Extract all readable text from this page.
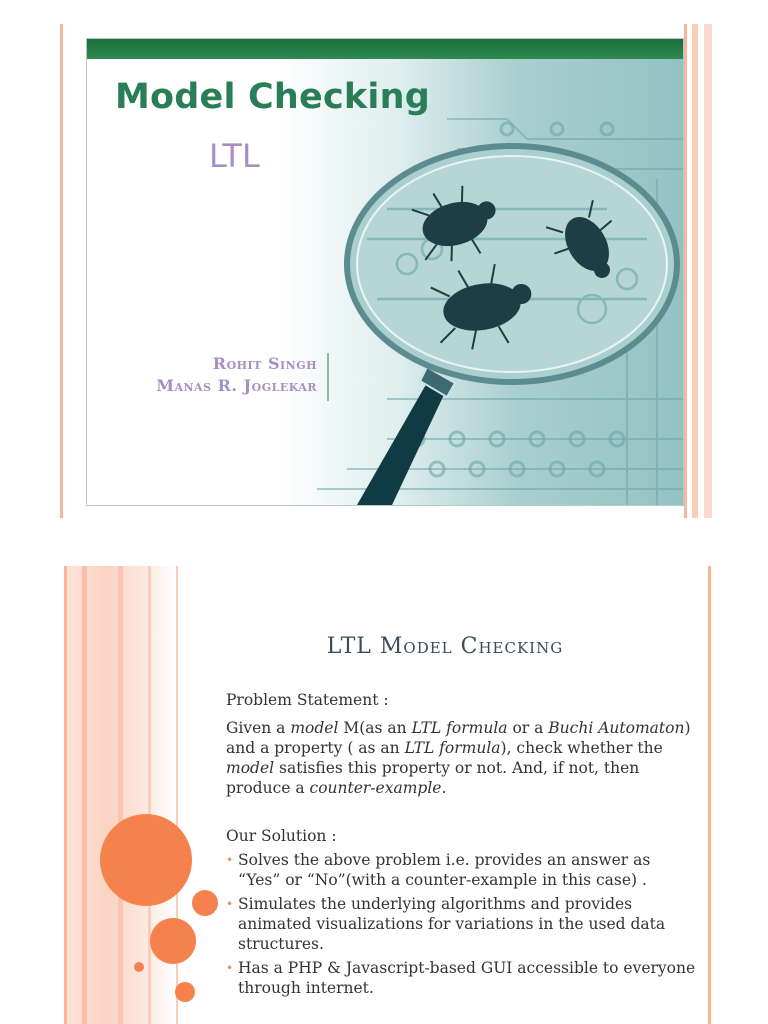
Model Checking
LTL
Rohit Singh
Manas R. Joglekar
LTL Model Checking

Problem Statement :

Given a model M(as an LTL formula or a Buchi Automaton) and a property ( as an LTL formula), check whether the model satisfies this property or not. And, if not, then produce a counter-example.

Our Solution :

• Solves the above problem i.e. provides an answer as “Yes” or “No”(with a counter-example in this case) .
• Simulates the underlying algorithms and provides animated visualizations for variations in the used data structures.
• Has a PHP & Javascript-based GUI accessible to everyone through internet.
